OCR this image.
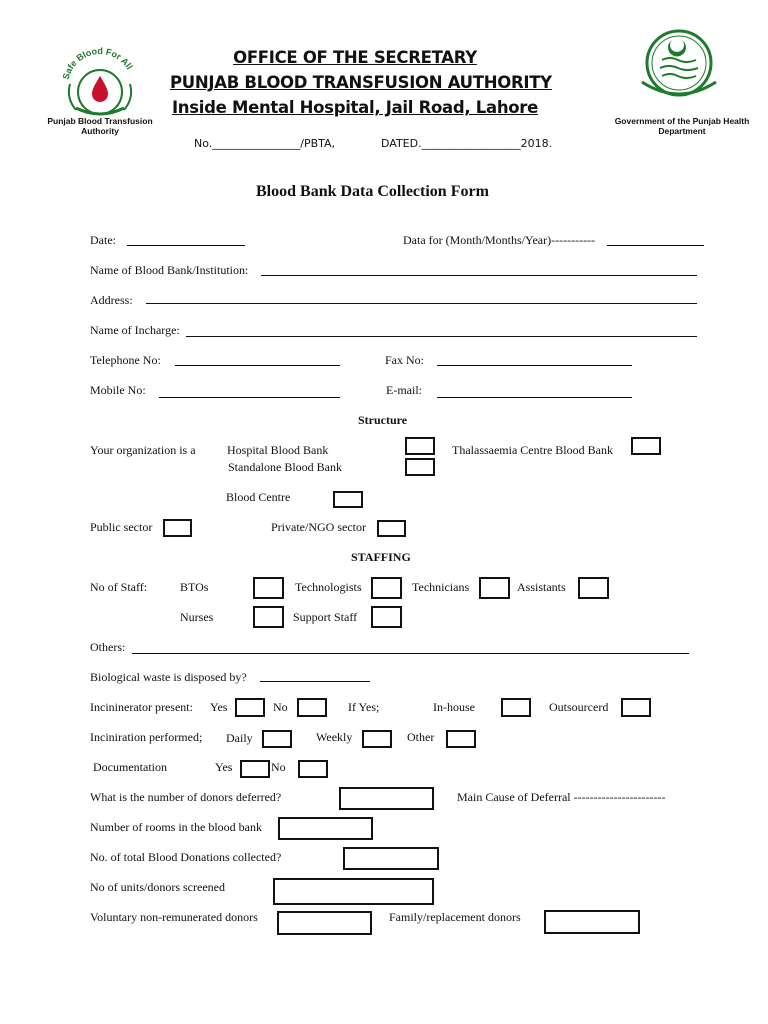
Safe Blood For All
Punjab Blood Transfusion Authority
Government of the Punjab Health Department
OFFICE OF THE SECRETARY
PUNJAB BLOOD TRANSFUSION AUTHORITY
Inside Mental Hospital, Jail Road, Lahore
No.________________/PBTA,	DATED.__________________2018.
Blood Bank Data Collection Form
Date:	Data for (Month/Months/Year)-----------
Name of Blood Bank/Institution:
Address:
Name of Incharge:
Telephone No:	Fax No:
Mobile No:	E-mail:
Structure
Your organization is a	Hospital Blood Bank	Thalassaemia Centre Blood Bank
Standalone Blood Bank
Blood Centre
Public sector	Private/NGO sector
STAFFING
No of Staff:	BTOs	Technologists	Technicians	Assistants
Nurses	Support Staff
Others:
Biological waste is disposed by?
Incininerator present: Yes	No	If Yes;	In-house	Outsourcerd
Inciniration performed; Daily	Weekly	Other
Documentation	Yes	No
What is the number of donors deferred?	Main Cause of Deferral -----------------------
Number of rooms in the blood bank
No. of total Blood Donations collected?
No of units/donors screened
Voluntary non-remunerated donors	Family/replacement donors
